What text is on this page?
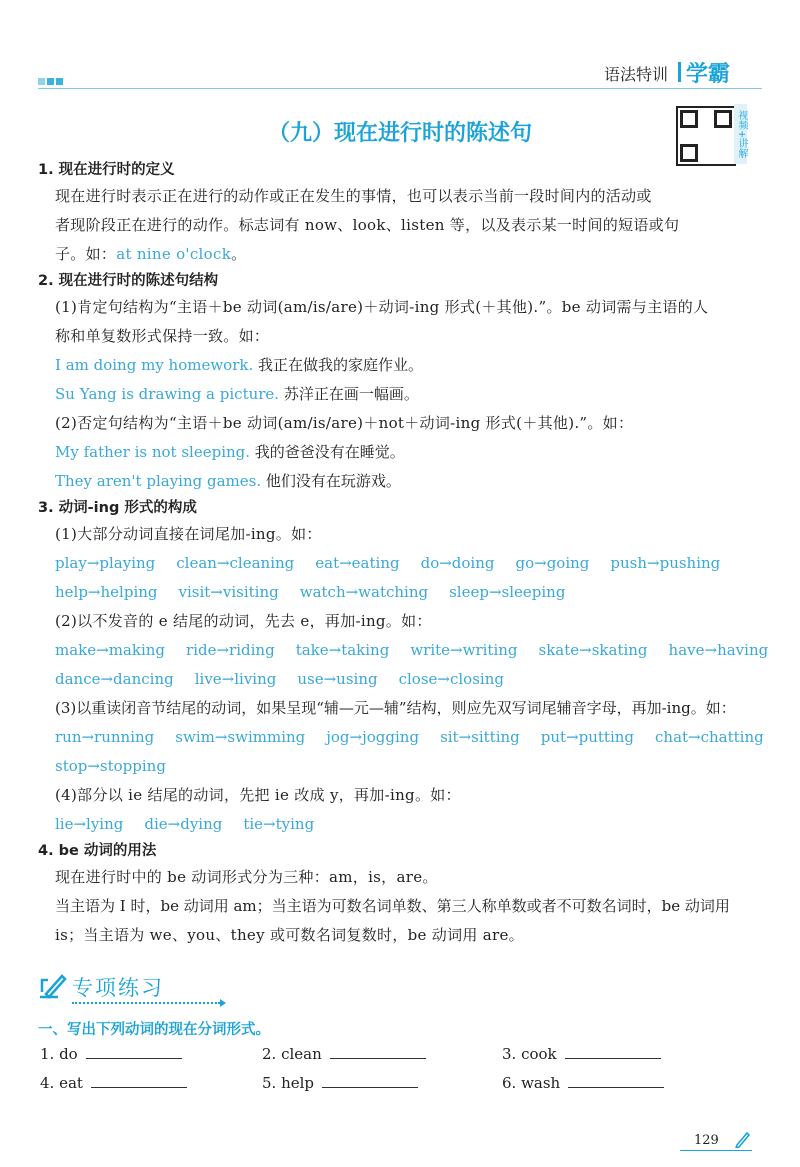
语法特训 学霸
（九）现在进行时的陈述句	视频+讲解
1. 现在进行时的定义
现在进行时表示正在进行的动作或正在发生的事情，也可以表示当前一段时间内的活动或
者现阶段正在进行的动作。标志词有 now、look、listen 等，以及表示某一时间的短语或句
子。如：at nine o'clock。
2. 现在进行时的陈述句结构
(1)肯定句结构为“主语＋be 动词(am/is/are)＋动词-ing 形式(＋其他).”。be 动词需与主语的人
称和单复数形式保持一致。如：
I am doing my homework. 我正在做我的家庭作业。
Su Yang is drawing a picture. 苏洋正在画一幅画。
(2)否定句结构为“主语＋be 动词(am/is/are)＋not＋动词-ing 形式(＋其他).”。如：
My father is not sleeping. 我的爸爸没有在睡觉。
They aren't playing games. 他们没有在玩游戏。
3. 动词-ing 形式的构成
(1)大部分动词直接在词尾加-ing。如：
play→playing clean→cleaning eat→eating do→doing go→going push→pushing
help→helping visit→visiting watch→watching sleep→sleeping
(2)以不发音的 e 结尾的动词，先去 e，再加-ing。如：
make→making ride→riding take→taking write→writing skate→skating have→having
dance→dancing live→living use→using close→closing
(3)以重读闭音节结尾的动词，如果呈现“辅—元—辅”结构，则应先双写词尾辅音字母，再加-ing。如：
run→running swim→swimming jog→jogging sit→sitting put→putting chat→chatting
stop→stopping
(4)部分以 ie 结尾的动词，先把 ie 改成 y，再加-ing。如：
lie→lying die→dying tie→tying
4. be 动词的用法
现在进行时中的 be 动词形式分为三种：am，is，are。
当主语为 I 时，be 动词用 am；当主语为可数名词单数、第三人称单数或者不可数名词时，be 动词用
is；当主语为 we、you、they 或可数名词复数时，be 动词用 are。
专项练习
一、写出下列动词的现在分词形式。
1. do	2. clean	3. cook
4. eat	5. help	6. wash
129
